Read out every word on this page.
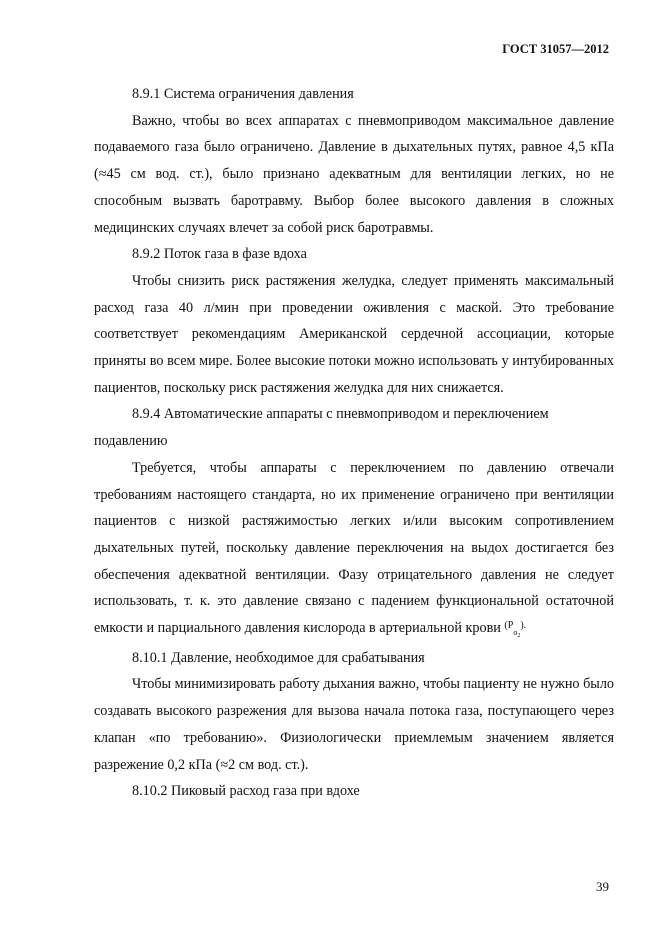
ГОСТ 31057—2012
8.9.1 Система ограничения давления

Важно, чтобы во всех аппаратах с пневмоприводом максимальное давление подаваемого газа было ограничено. Давление в дыхательных путях, равное 4,5 кПа (≈45 см вод. ст.), было признано адекватным для вентиляции легких, но не способным вызвать баротравму. Выбор более высокого давления в сложных медицинских случаях влечет за собой риск баротравмы.

8.9.2 Поток газа в фазе вдоха

Чтобы снизить риск растяжения желудка, следует применять максимальный расход газа 40 л/мин при проведении оживления с маской. Это требование соответствует рекомендациям Американской сердечной ассоциации, которые приняты во всем мире. Более высокие потоки можно использовать у интубированных пациентов, поскольку риск растяжения желудка для них снижается.

8.9.4 Автоматические аппараты с пневмоприводом и переключением подавлению

Требуется, чтобы аппараты с переключением по давлению отвечали требованиям настоящего стандарта, но их применение ограничено при вентиляции пациентов с низкой растяжимостью легких и/или высоким сопротивлением дыхательных путей, поскольку давление переключения на выдох достигается без обеспечения адекватной вентиляции. Фазу отрицательного давления не следует использовать, т. к. это давление связано с падением функциональной остаточной емкости и парциального давления кислорода в артериальной крови $^{(P}_{o2}$).

8.10.1 Давление, необходимое для срабатывания

Чтобы минимизировать работу дыхания важно, чтобы пациенту не нужно было создавать высокого разрежения для вызова начала потока газа, поступающего через клапан «по требованию». Физиологически приемлемым значением является разрежение 0,2 кПа (≈2 см вод. ст.).

8.10.2 Пиковый расход газа при вдохе
39
